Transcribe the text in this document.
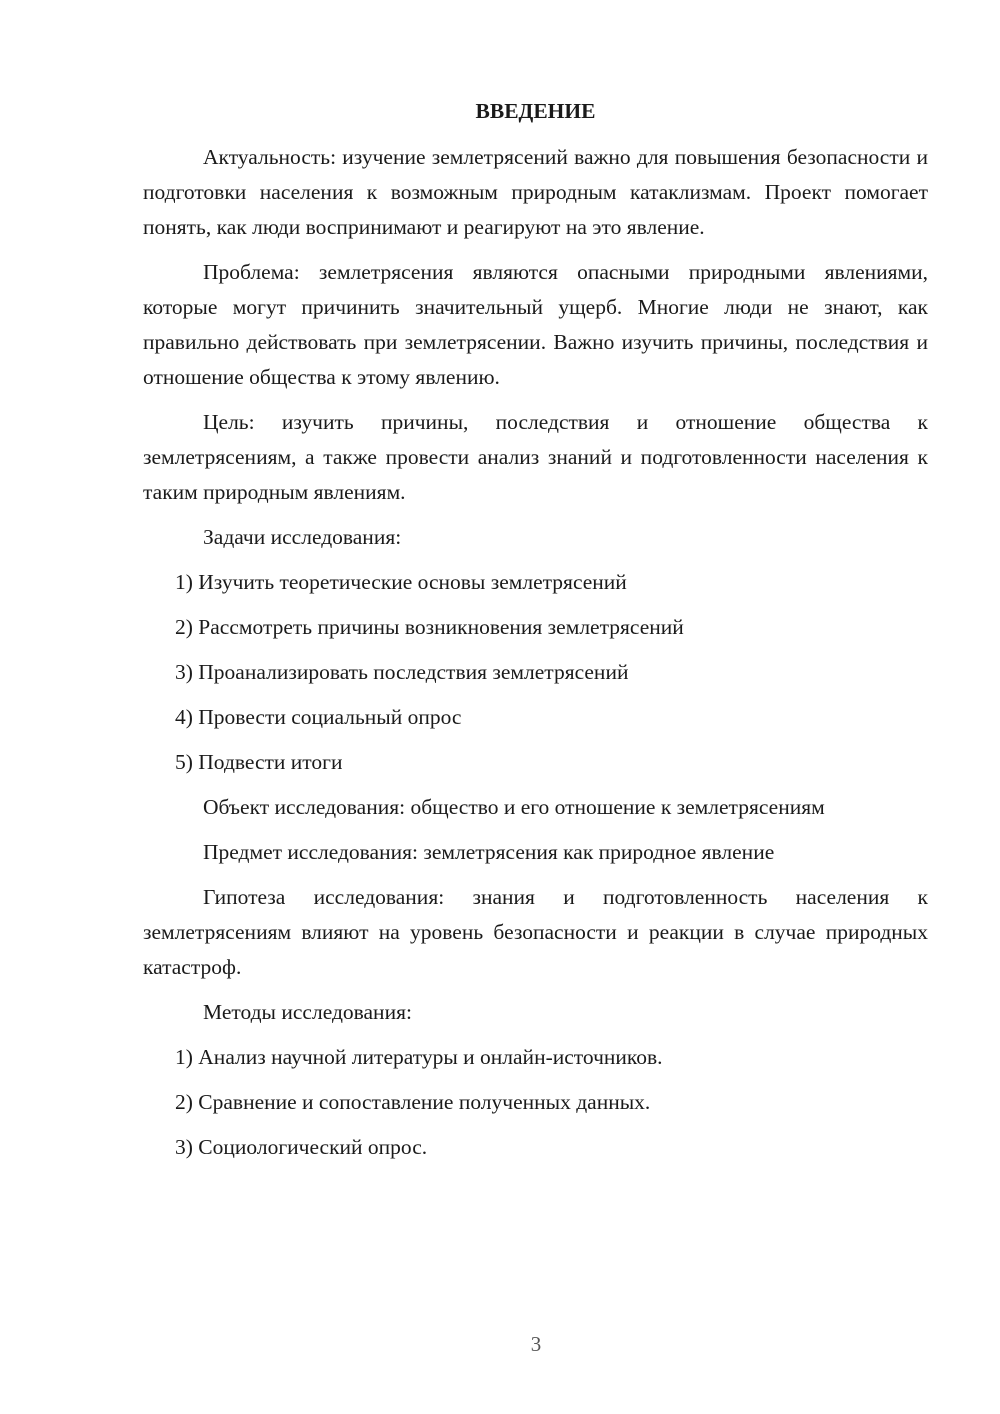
ВВЕДЕНИЕ

Актуальность: изучение землетрясений важно для повышения безопасности и подготовки населения к возможным природным катаклизмам. Проект помогает понять, как люди воспринимают и реагируют на это явление.

Проблема: землетрясения являются опасными природными явлениями, которые могут причинить значительный ущерб. Многие люди не знают, как правильно действовать при землетрясении. Важно изучить причины, последствия и отношение общества к этому явлению.

Цель: изучить причины, последствия и отношение общества к землетрясениям, а также провести анализ знаний и подготовленности населения к таким природным явлениям.

Задачи исследования:
1) Изучить теоретические основы землетрясений
2) Рассмотреть причины возникновения землетрясений
3) Проанализировать последствия землетрясений
4) Провести социальный опрос
5) Подвести итоги
Объект исследования: общество и его отношение к землетрясениям
Предмет исследования: землетрясения как природное явление

Гипотеза исследования: знания и подготовленность населения к землетрясениям влияют на уровень безопасности и реакции в случае природных катастроф.

Методы исследования:
1) Анализ научной литературы и онлайн-источников.
2) Сравнение и сопоставление полученных данных.
3) Социологический опрос.
3
